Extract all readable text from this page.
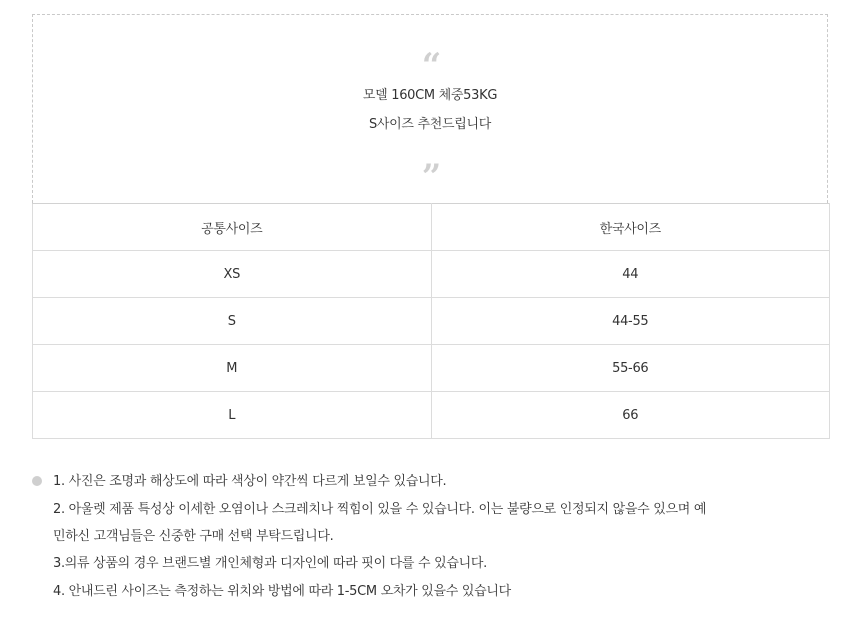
“
모델 160CM 체중53KG
S사이즈 추천드립니다
”
공통사이즈	한국사이즈
XS	44
S	44-55
M	55-66
L	66
1. 사진은 조명과 해상도에 따라 색상이 약간씩 다르게 보일수 있습니다.
2. 아울렛 제품 특성상 이세한 오염이나 스크레치나 찍힘이 있을 수 있습니다. 이는 불량으로 인정되지 않을수 있으며 예
민하신 고객님들은 신중한 구매 선택 부탁드립니다.
3.의류 상품의 경우 브랜드별 개인체형과 디자인에 따라 핏이 다를 수 있습니다.
4. 안내드린 사이즈는 측정하는 위치와 방법에 따라 1-5CM 오차가 있을수 있습니다
